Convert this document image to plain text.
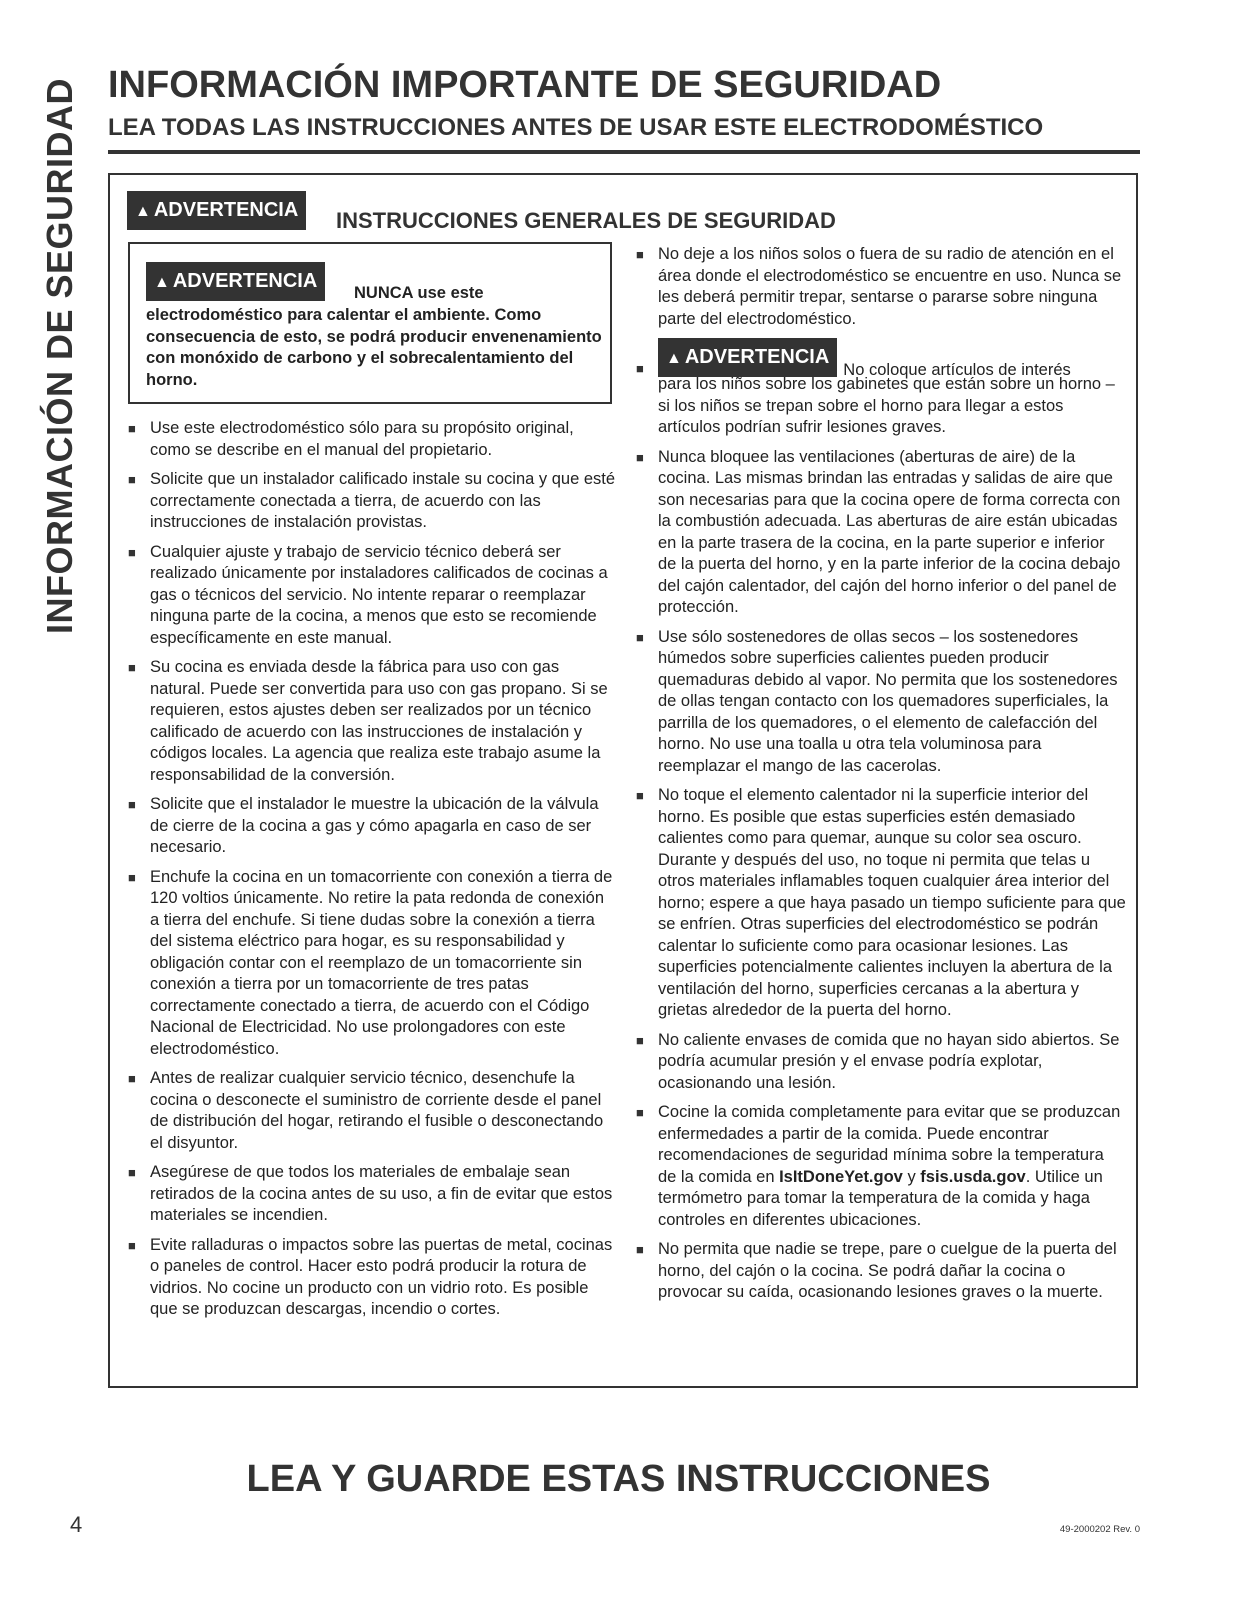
INFORMACIÓN DE SEGURIDAD INFORMACIÓN IMPORTANTE DE SEGURIDAD
LEA TODAS LAS INSTRUCCIONES ANTES DE USAR ESTE ELECTRODOMÉSTICO
▲ ADVERTENCIA	INSTRUCCIONES GENERALES DE SEGURIDAD
▲ ADVERTENCIA
NUNCA use este
electrodoméstico para calentar el ambiente. Como consecuencia de esto, se podrá producir envenenamiento con monóxido de carbono y el sobrecalentamiento del horno.
■ Use este electrodoméstico sólo para su propósito original, como se describe en el manual del propietario.
■ Solicite que un instalador calificado instale su cocina y que esté correctamente conectada a tierra, de acuerdo con las instrucciones de instalación provistas.
■ Cualquier ajuste y trabajo de servicio técnico deberá ser realizado únicamente por instaladores calificados de cocinas a gas o técnicos del servicio. No intente reparar o reemplazar ninguna parte de la cocina, a menos que esto se recomiende específicamente en este manual.
■ Su cocina es enviada desde la fábrica para uso con gas natural. Puede ser convertida para uso con gas propano. Si se requieren, estos ajustes deben ser realizados por un técnico calificado de acuerdo con las instrucciones de instalación y códigos locales. La agencia que realiza este trabajo asume la responsabilidad de la conversión.
■ Solicite que el instalador le muestre la ubicación de la válvula de cierre de la cocina a gas y cómo apagarla en caso de ser necesario.
■ Enchufe la cocina en un tomacorriente con conexión a tierra de 120 voltios únicamente. No retire la pata redonda de conexión a tierra del enchufe. Si tiene dudas sobre la conexión a tierra del sistema eléctrico para hogar, es su responsabilidad y obligación contar con el reemplazo de un tomacorriente sin conexión a tierra por un tomacorriente de tres patas correctamente conectado a tierra, de acuerdo con el Código Nacional de Electricidad. No use prolongadores con este electrodoméstico.
■ Antes de realizar cualquier servicio técnico, desenchufe la cocina o desconecte el suministro de corriente desde el panel de distribución del hogar, retirando el fusible o desconectando el disyuntor.
■ Asegúrese de que todos los materiales de embalaje sean retirados de la cocina antes de su uso, a fin de evitar que estos materiales se incendien.
■ Evite ralladuras o impactos sobre las puertas de metal, cocinas o paneles de control. Hacer esto podrá producir la rotura de vidrios. No cocine un producto con un vidrio roto. Es posible que se produzcan descargas, incendio o cortes.
■ No deje a los niños solos o fuera de su radio de atención en el área donde el electrodoméstico se encuentre en uso. Nunca se les deberá permitir trepar, sentarse o pararse sobre ninguna parte del electrodoméstico.
■
▲ ADVERTENCIANo coloque artículos de interés
para los niños sobre los gabinetes que están sobre un horno – si los niños se trepan sobre el horno para llegar a estos artículos podrían sufrir lesiones graves.
■ Nunca bloquee las ventilaciones (aberturas de aire) de la cocina. Las mismas brindan las entradas y salidas de aire que son necesarias para que la cocina opere de forma correcta con la combustión adecuada. Las aberturas de aire están ubicadas en la parte trasera de la cocina, en la parte superior e inferior de la puerta del horno, y en la parte inferior de la cocina debajo del cajón calentador, del cajón del horno inferior o del panel de protección.
■ Use sólo sostenedores de ollas secos – los sostenedores húmedos sobre superficies calientes pueden producir quemaduras debido al vapor. No permita que los sostenedores de ollas tengan contacto con los quemadores superficiales, la parrilla de los quemadores, o el elemento de calefacción del horno. No use una toalla u otra tela voluminosa para reemplazar el mango de las cacerolas.
■ No toque el elemento calentador ni la superficie interior del horno. Es posible que estas superficies estén demasiado calientes como para quemar, aunque su color sea oscuro. Durante y después del uso, no toque ni permita que telas u otros materiales inflamables toquen cualquier área interior del horno; espere a que haya pasado un tiempo suficiente para que se enfríen. Otras superficies del electrodoméstico se podrán calentar lo suficiente como para ocasionar lesiones. Las superficies potencialmente calientes incluyen la abertura de la ventilación del horno, superficies cercanas a la abertura y grietas alrededor de la puerta del horno.
■ No caliente envases de comida que no hayan sido abiertos. Se podría acumular presión y el envase podría explotar, ocasionando una lesión.
■ Cocine la comida completamente para evitar que se produzcan enfermedades a partir de la comida. Puede encontrar recomendaciones de seguridad mínima sobre la temperatura de la comida en IsItDoneYet.gov y fsis.usda.gov. Utilice un termómetro para tomar la temperatura de la comida y haga controles en diferentes ubicaciones.
■ No permita que nadie se trepe, pare o cuelgue de la puerta del horno, del cajón o la cocina. Se podrá dañar la cocina o provocar su caída, ocasionando lesiones graves o la muerte.
LEA Y GUARDE ESTAS INSTRUCCIONES
4	49-2000202 Rev. 0
